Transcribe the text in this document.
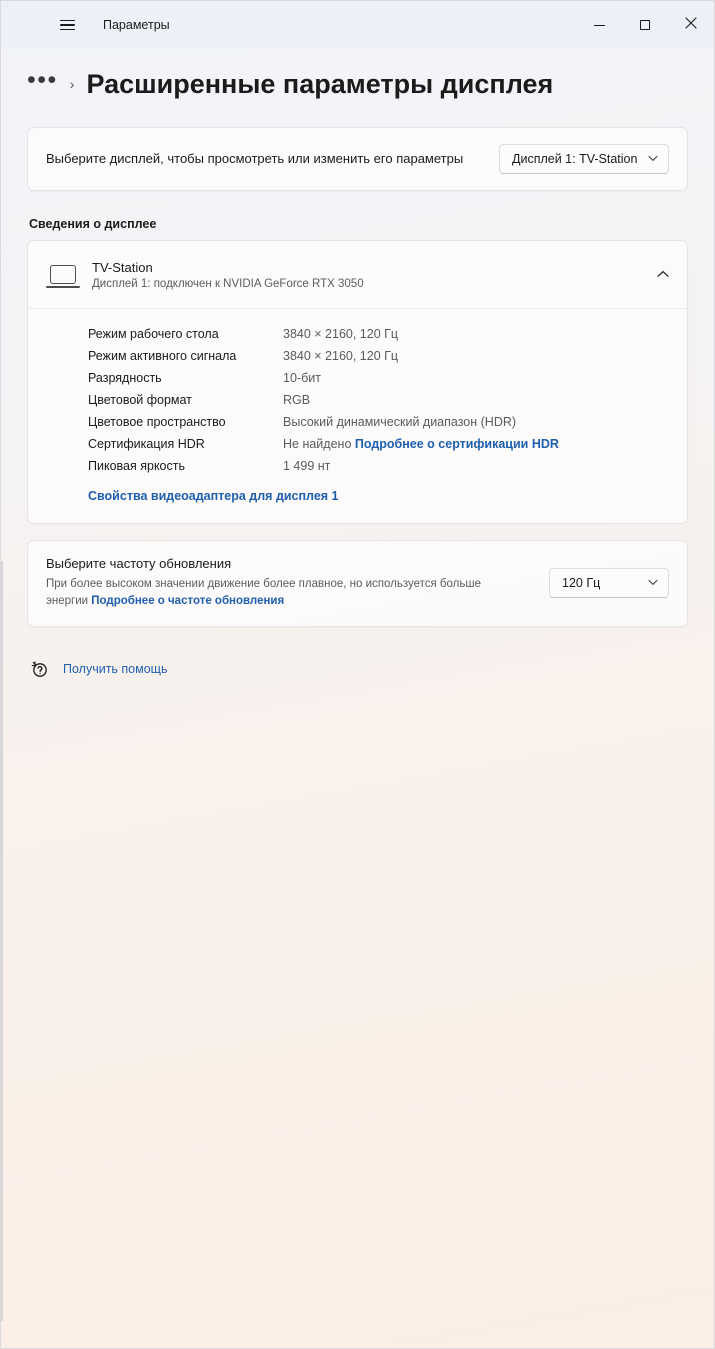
Параметры
••• › Расширенные параметры дисплея
Выберите дисплей, чтобы просмотреть или изменить его параметры	Дисплей 1: TV-Station
Сведения о дисплее
TV-Station
Дисплей 1: подключен к NVIDIA GeForce RTX 3050
Режим рабочего стола	3840 × 2160, 120 Гц
Режим активного сигнала	3840 × 2160, 120 Гц
Разрядность	10-бит
Цветовой формат	RGB
Цветовое пространство	Высокий динамический диапазон (HDR)
Сертификация HDR	Не найдено Подробнее о сертификации HDR
Пиковая яркость	1 499 нт
Свойства видеоадаптера для дисплея 1
Выберите частоту обновления
При более высоком значении движение более плавное, но используется больше энергии Подробнее о частоте обновления
120 Гц
Получить помощь
